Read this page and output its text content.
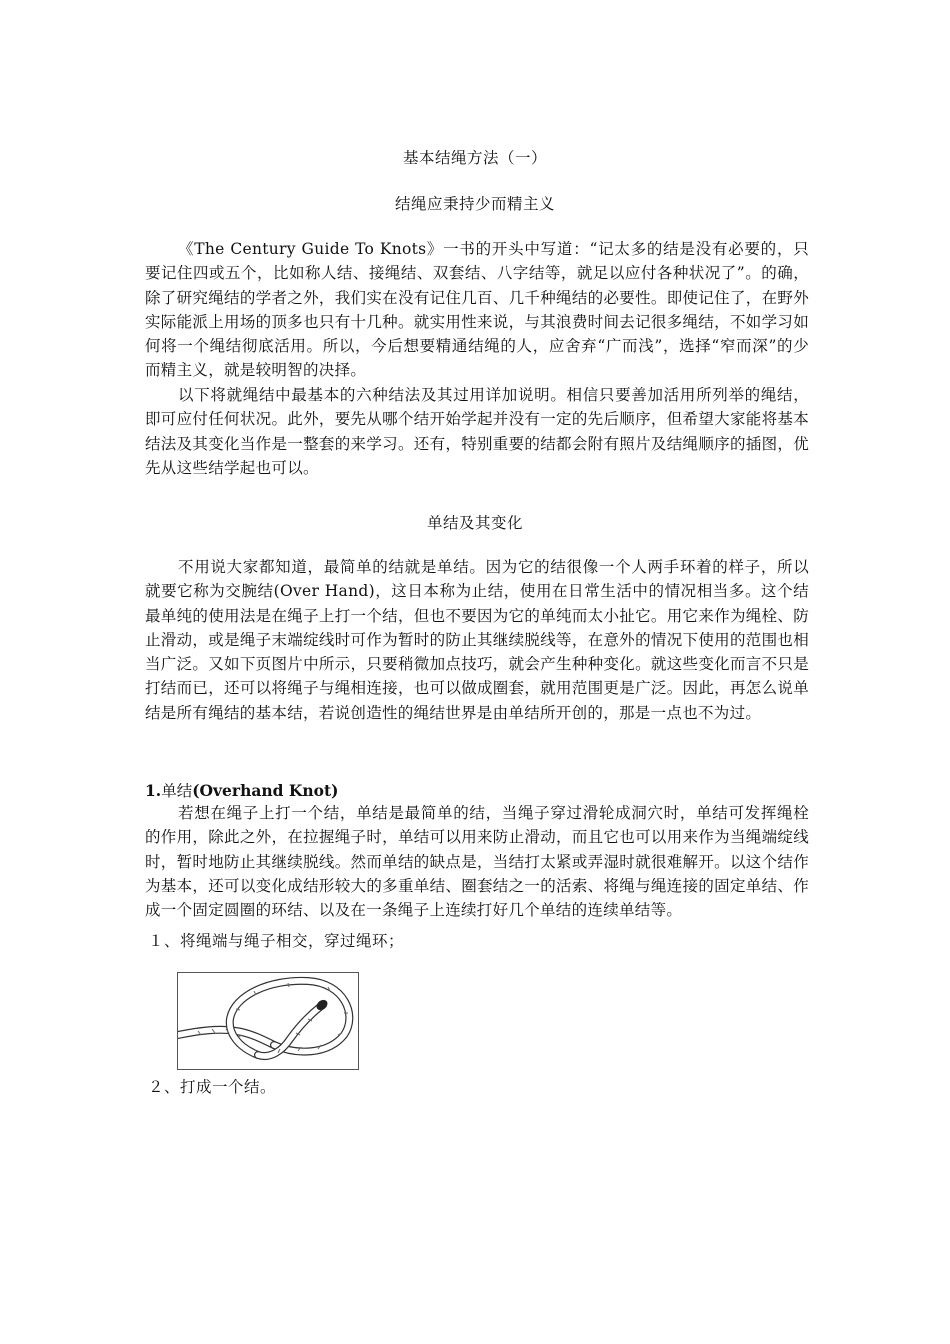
基本结绳方法（一）
结绳应秉持少而精主义
《The Century Guide To Knots》一书的开头中写道：“记太多的结是没有必要的，只要记住四或五个，比如称人结、接绳结、双套结、八字结等，就足以应付各种状况了”。的确，除了研究绳结的学者之外，我们实在没有记住几百、几千种绳结的必要性。即使记住了，在野外实际能派上用场的顶多也只有十几种。就实用性来说，与其浪费时间去记很多绳结，不如学习如何将一个绳结彻底活用。所以，今后想要精通结绳的人，应舍弃“广而浅”，选择“窄而深”的少而精主义，就是较明智的决择。
以下将就绳结中最基本的六种结法及其过用详加说明。相信只要善加活用所列举的绳结，即可应付任何状况。此外，要先从哪个结开始学起并没有一定的先后顺序，但希望大家能将基本结法及其变化当作是一整套的来学习。还有，特别重要的结都会附有照片及结绳顺序的插图，优先从这些结学起也可以。
单结及其变化
不用说大家都知道，最简单的结就是单结。因为它的结很像一个人两手环着的样子，所以就要它称为交腕结(Over Hand)，这日本称为止结，使用在日常生活中的情况相当多。这个结最单纯的使用法是在绳子上打一个结，但也不要因为它的单纯而太小扯它。用它来作为绳栓、防止滑动，或是绳子末端绽线时可作为暂时的防止其继续脱线等，在意外的情况下使用的范围也相当广泛。又如下页图片中所示，只要稍微加点技巧，就会产生种种变化。就这些变化而言不只是打结而已，还可以将绳子与绳相连接，也可以做成圈套，就用范围更是广泛。因此，再怎么说单结是所有绳结的基本结，若说创造性的绳结世界是由单结所开创的，那是一点也不为过。
1.单结(Overhand Knot)
若想在绳子上打一个结，单结是最简单的结，当绳子穿过滑轮成洞穴时，单结可发挥绳栓的作用，除此之外，在拉握绳子时，单结可以用来防止滑动，而且它也可以用来作为当绳端绽线时，暂时地防止其继续脱线。然而单结的缺点是，当结打太紧或弄湿时就很难解开。以这个结作为基本，还可以变化成结形较大的多重单结、圈套结之一的活索、将绳与绳连接的固定单结、作成一个固定圆圈的环结、以及在一条绳子上连续打好几个单结的连续单结等。
１、将绳端与绳子相交，穿过绳环；
２、打成一个结。
